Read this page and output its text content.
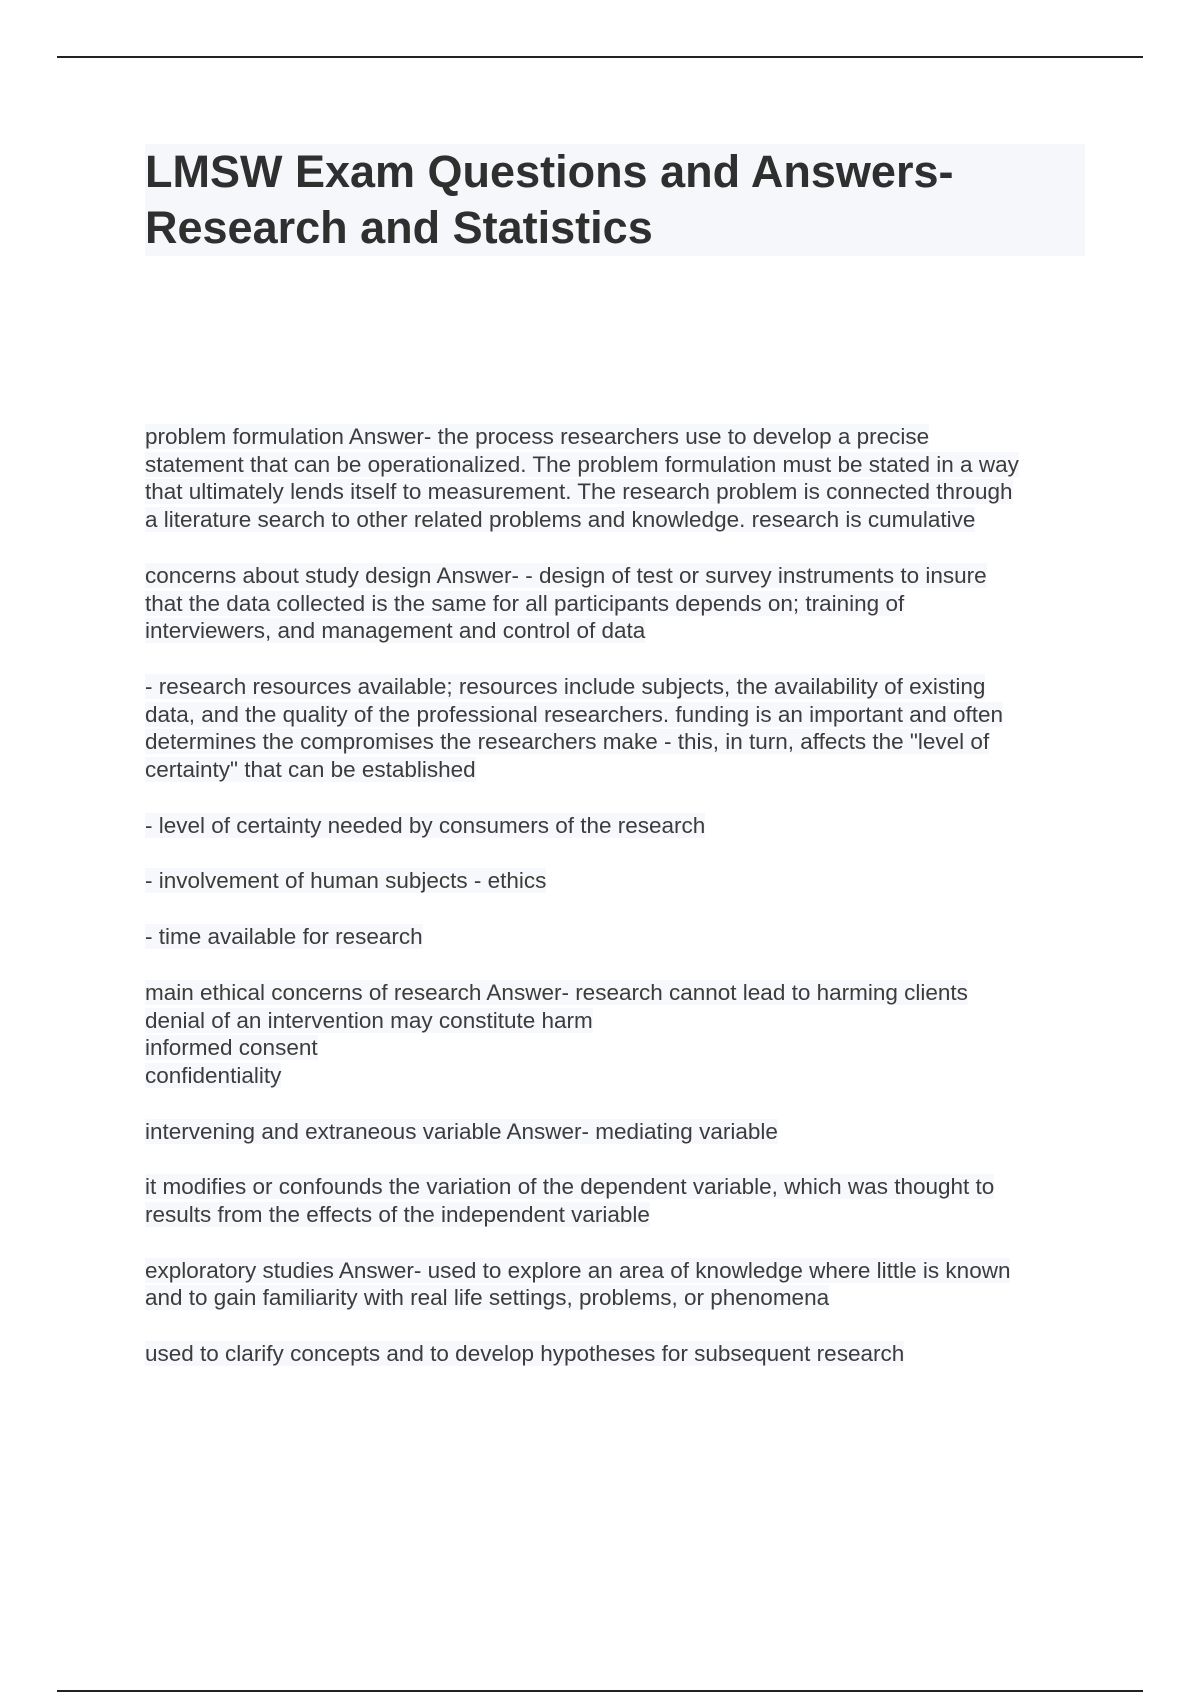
LMSW Exam Questions and Answers-
Research and Statistics

problem formulation Answer- the process researchers use to develop a precise
statement that can be operationalized. The problem formulation must be stated in a way
that ultimately lends itself to measurement. The research problem is connected through
a literature search to other related problems and knowledge. research is cumulative

concerns about study design Answer- - design of test or survey instruments to insure
that the data collected is the same for all participants depends on; training of
interviewers, and management and control of data

- research resources available; resources include subjects, the availability of existing
data, and the quality of the professional researchers. funding is an important and often
determines the compromises the researchers make - this, in turn, affects the "level of
certainty" that can be established

- level of certainty needed by consumers of the research

- involvement of human subjects - ethics

- time available for research

main ethical concerns of research Answer- research cannot lead to harming clients
denial of an intervention may constitute harm
informed consent
confidentiality

intervening and extraneous variable Answer- mediating variable

it modifies or confounds the variation of the dependent variable, which was thought to
results from the effects of the independent variable

exploratory studies Answer- used to explore an area of knowledge where little is known
and to gain familiarity with real life settings, problems, or phenomena

used to clarify concepts and to develop hypotheses for subsequent research
